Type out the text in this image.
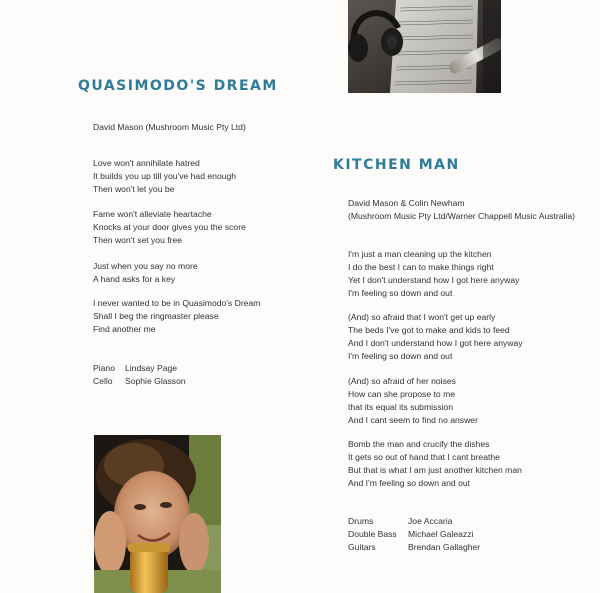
QUASIMODO'S DREAM
David Mason (Mushroom Music Pty Ltd)
Love won't annihilate hatred
It builds you up till you've had enough
Then won't let you be
Fame won't alleviate heartache
Knocks at your door gives you the score
Then won't set you free
Just when you say no more
A hand asks for a key
I never wanted to be in Quasimodo's Dream
Shall I beg the ringmaster please
Find another me
Piano	Lindsay Page
Cello	Sophie Glasson
KITCHEN MAN
David Mason & Colin Newham
(Mushroom Music Pty Ltd/Warner Chappell Music Australia)
I'm just a man cleaning up the kitchen
I do the best I can to make things right
Yet I don't understand how I got here anyway
I'm feeling so down and out
(And) so afraid that I won't get up early
The beds I've got to make and kids to feed
And I don't understand how I got here anyway
I'm feeling so down and out
(And) so afraid of her noises
How can she propose to me
that its equal its submission
And I cant seem to find no answer
Bomb the man and crucify the dishes
It gets so out of hand that I cant breathe
But that is what I am just another kitchen man
And I'm feeling so down and out
Drums	Joe Accaria
Double Bass	Michael Galeazzi
Guitars	Brendan Gallagher
